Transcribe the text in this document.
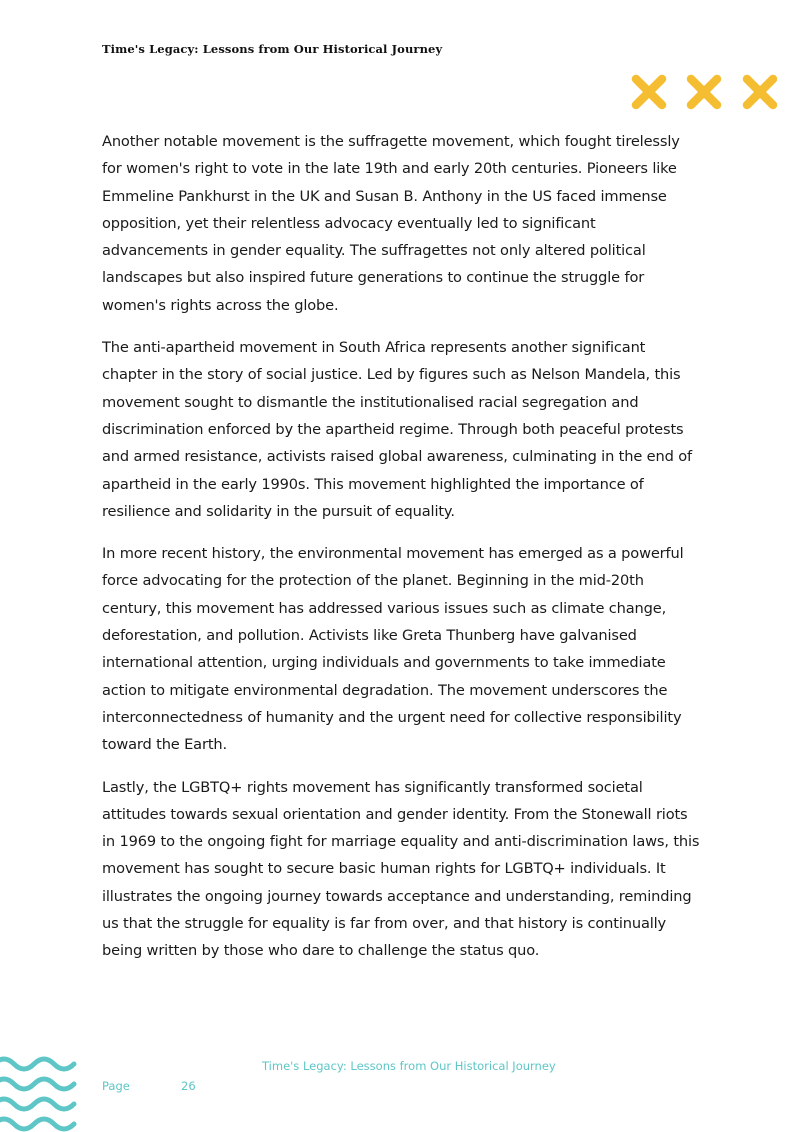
Time's Legacy: Lessons from Our Historical Journey

Another notable movement is the suffragette movement, which fought tirelessly for women's right to vote in the late 19th and early 20th centuries. Pioneers like Emmeline Pankhurst in the UK and Susan B. Anthony in the US faced immense opposition, yet their relentless advocacy eventually led to significant advancements in gender equality. The suffragettes not only altered political landscapes but also inspired future generations to continue the struggle for women's rights across the globe.

The anti-apartheid movement in South Africa represents another significant chapter in the story of social justice. Led by figures such as Nelson Mandela, this movement sought to dismantle the institutionalised racial segregation and discrimination enforced by the apartheid regime. Through both peaceful protests and armed resistance, activists raised global awareness, culminating in the end of apartheid in the early 1990s. This movement highlighted the importance of resilience and solidarity in the pursuit of equality.

In more recent history, the environmental movement has emerged as a powerful force advocating for the protection of the planet. Beginning in the mid-20th century, this movement has addressed various issues such as climate change, deforestation, and pollution. Activists like Greta Thunberg have galvanised international attention, urging individuals and governments to take immediate action to mitigate environmental degradation. The movement underscores the interconnectedness of humanity and the urgent need for collective responsibility toward the Earth.

Lastly, the LGBTQ+ rights movement has significantly transformed societal attitudes towards sexual orientation and gender identity. From the Stonewall riots in 1969 to the ongoing fight for marriage equality and anti-discrimination laws, this movement has sought to secure basic human rights for LGBTQ+ individuals. It illustrates the ongoing journey towards acceptance and understanding, reminding us that the struggle for equality is far from over, and that history is continually being written by those who dare to challenge the status quo.

Time's Legacy: Lessons from Our Historical Journey
Page	26
